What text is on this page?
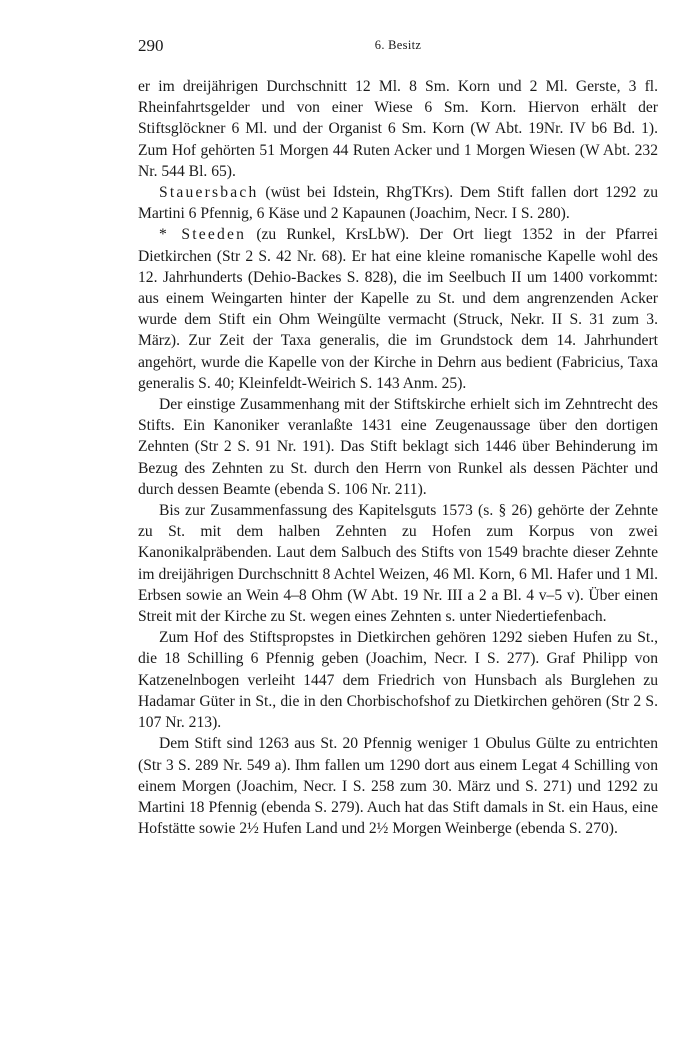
290	6. Besitz

er im dreijährigen Durchschnitt 12 Ml. 8 Sm. Korn und 2 Ml. Gerste, 3 fl. Rheinfahrtsgelder und von einer Wiese 6 Sm. Korn. Hiervon erhält der Stiftsglöckner 6 Ml. und der Organist 6 Sm. Korn (W Abt. 19Nr. IV b6 Bd. 1). Zum Hof gehörten 51 Morgen 44 Ruten Acker und 1 Morgen Wiesen (W Abt. 232 Nr. 544 Bl. 65).

Stauersbach (wüst bei Idstein, RhgTKrs). Dem Stift fallen dort 1292 zu Martini 6 Pfennig, 6 Käse und 2 Kapaunen (Joachim, Necr. I S. 280).

* Steeden (zu Runkel, KrsLbW). Der Ort liegt 1352 in der Pfarrei Dietkirchen (Str 2 S. 42 Nr. 68). Er hat eine kleine romanische Kapelle wohl des 12. Jahrhunderts (Dehio-Backes S. 828), die im Seelbuch II um 1400 vorkommt: aus einem Weingarten hinter der Kapelle zu St. und dem angrenzenden Acker wurde dem Stift ein Ohm Weingülte vermacht (Struck, Nekr. II S. 31 zum 3. März). Zur Zeit der Taxa generalis, die im Grundstock dem 14. Jahrhundert angehört, wurde die Kapelle von der Kirche in Dehrn aus bedient (Fabricius, Taxa generalis S. 40; Kleinfeldt-Weirich S. 143 Anm. 25).

Der einstige Zusammenhang mit der Stiftskirche erhielt sich im Zehntrecht des Stifts. Ein Kanoniker veranlaßte 1431 eine Zeugenaussage über den dortigen Zehnten (Str 2 S. 91 Nr. 191). Das Stift beklagt sich 1446 über Behinderung im Bezug des Zehnten zu St. durch den Herrn von Runkel als dessen Pächter und durch dessen Beamte (ebenda S. 106 Nr. 211).

Bis zur Zusammenfassung des Kapitelsguts 1573 (s. § 26) gehörte der Zehnte zu St. mit dem halben Zehnten zu Hofen zum Korpus von zwei Kanonikalpräbenden. Laut dem Salbuch des Stifts von 1549 brachte dieser Zehnte im dreijährigen Durchschnitt 8 Achtel Weizen, 46 Ml. Korn, 6 Ml. Hafer und 1 Ml. Erbsen sowie an Wein 4–8 Ohm (W Abt. 19 Nr. III a 2 a Bl. 4 v–5 v). Über einen Streit mit der Kirche zu St. wegen eines Zehnten s. unter Niedertiefenbach.

Zum Hof des Stiftspropstes in Dietkirchen gehören 1292 sieben Hufen zu St., die 18 Schilling 6 Pfennig geben (Joachim, Necr. I S. 277). Graf Philipp von Katzenelnbogen verleiht 1447 dem Friedrich von Hunsbach als Burglehen zu Hadamar Güter in St., die in den Chorbischofshof zu Dietkirchen gehören (Str 2 S. 107 Nr. 213).

Dem Stift sind 1263 aus St. 20 Pfennig weniger 1 Obulus Gülte zu entrichten (Str 3 S. 289 Nr. 549 a). Ihm fallen um 1290 dort aus einem Legat 4 Schilling von einem Morgen (Joachim, Necr. I S. 258 zum 30. März und S. 271) und 1292 zu Martini 18 Pfennig (ebenda S. 279). Auch hat das Stift damals in St. ein Haus, eine Hofstätte sowie 2½ Hufen Land und 2½ Morgen Weinberge (ebenda S. 270).
